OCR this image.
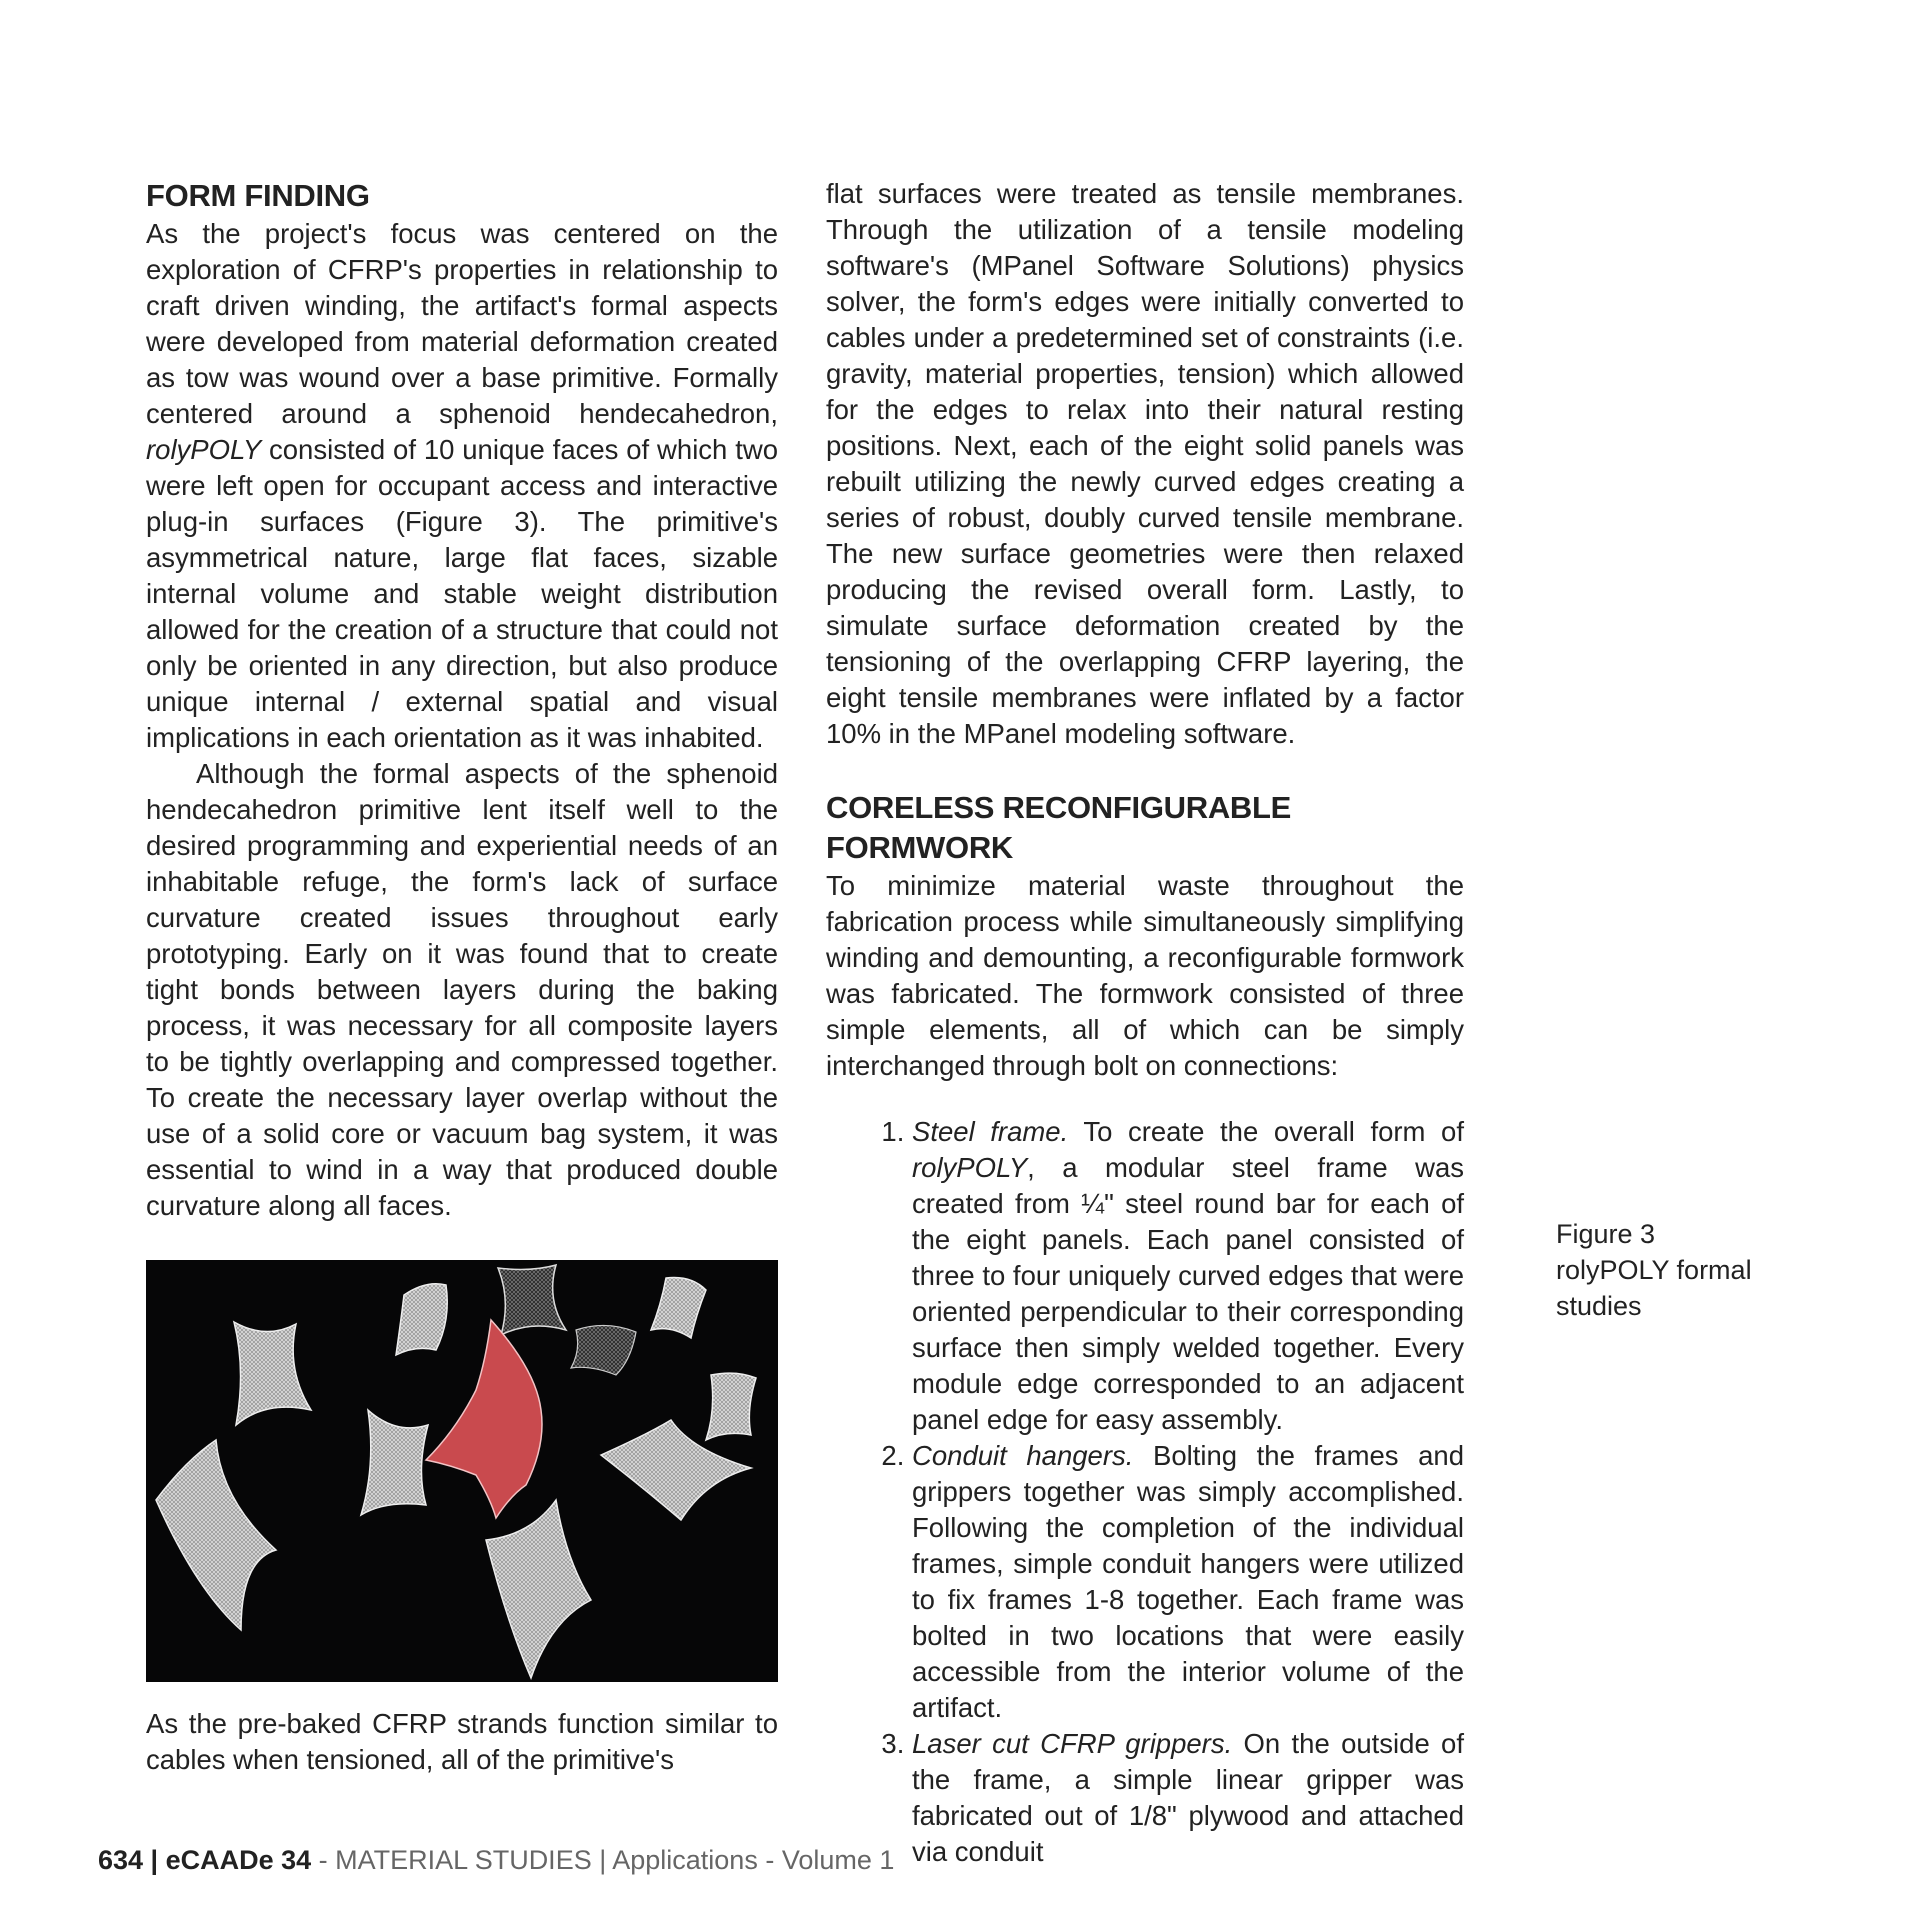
FORM FINDING

As the project's focus was centered on the exploration of CFRP's properties in relationship to craft driven winding, the artifact's formal aspects were developed from material deformation created as tow was wound over a base primitive. Formally centered around a sphenoid hendecahedron, rolyPOLY consisted of 10 unique faces of which two were left open for occupant access and interactive plug-in surfaces (Figure 3). The primitive's asymmetrical nature, large flat faces, sizable internal volume and stable weight distribution allowed for the creation of a structure that could not only be oriented in any direction, but also produce unique internal / external spatial and visual implications in each orientation as it was inhabited.

Although the formal aspects of the sphenoid hendecahedron primitive lent itself well to the desired programming and experiential needs of an inhabitable refuge, the form's lack of surface curvature created issues throughout early prototyping. Early on it was found that to create tight bonds between layers during the baking process, it was necessary for all composite layers to be tightly overlapping and compressed together. To create the necessary layer overlap without the use of a solid core or vacuum bag system, it was essential to wind in a way that produced double curvature along all faces.

As the pre-baked CFRP strands function similar to cables when tensioned, all of the primitive's

flat surfaces were treated as tensile membranes. Through the utilization of a tensile modeling software's (MPanel Software Solutions) physics solver, the form's edges were initially converted to cables under a predetermined set of constraints (i.e. gravity, material properties, tension) which allowed for the edges to relax into their natural resting positions. Next, each of the eight solid panels was rebuilt utilizing the newly curved edges creating a series of robust, doubly curved tensile membrane. The new surface geometries were then relaxed producing the revised overall form. Lastly, to simulate surface deformation created by the tensioning of the overlapping CFRP layering, the eight tensile membranes were inflated by a factor 10% in the MPanel modeling software.

CORELESS RECONFIGURABLE FORMWORK

To minimize material waste throughout the fabrication process while simultaneously simplifying winding and demounting, a reconfigurable formwork was fabricated. The formwork consisted of three simple elements, all of which can be simply interchanged through bolt on connections:

1. Steel frame. To create the overall form of rolyPOLY, a modular steel frame was created from ¼" steel round bar for each of the eight panels. Each panel consisted of three to four uniquely curved edges that were oriented perpendicular to their corresponding surface then simply welded together. Every module edge corresponded to an adjacent panel edge for easy assembly.
2. Conduit hangers. Bolting the frames and grippers together was simply accomplished. Following the completion of the individual frames, simple conduit hangers were utilized to fix frames 1-8 together. Each frame was bolted in two locations that were easily accessible from the interior volume of the artifact.
3. Laser cut CFRP grippers. On the outside of the frame, a simple linear gripper was fabricated out of 1/8" plywood and attached via conduit
Figure 3
rolyPOLY formal
studies
634 | eCAADe 34 - MATERIAL STUDIES | Applications - Volume 1
